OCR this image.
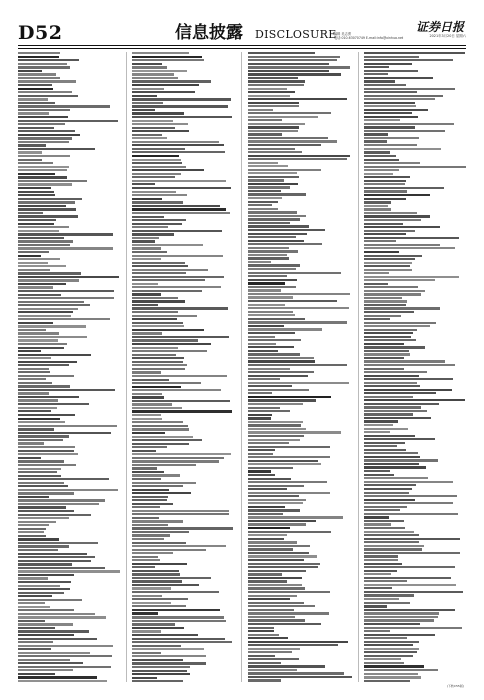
D52	信息披露 DISCLOSURE
编辑 吴志勇
电话:010-63070749 E-mail:info@xinhua.net
证券日报
2021年3月20日 星期六
(下转C55版)
